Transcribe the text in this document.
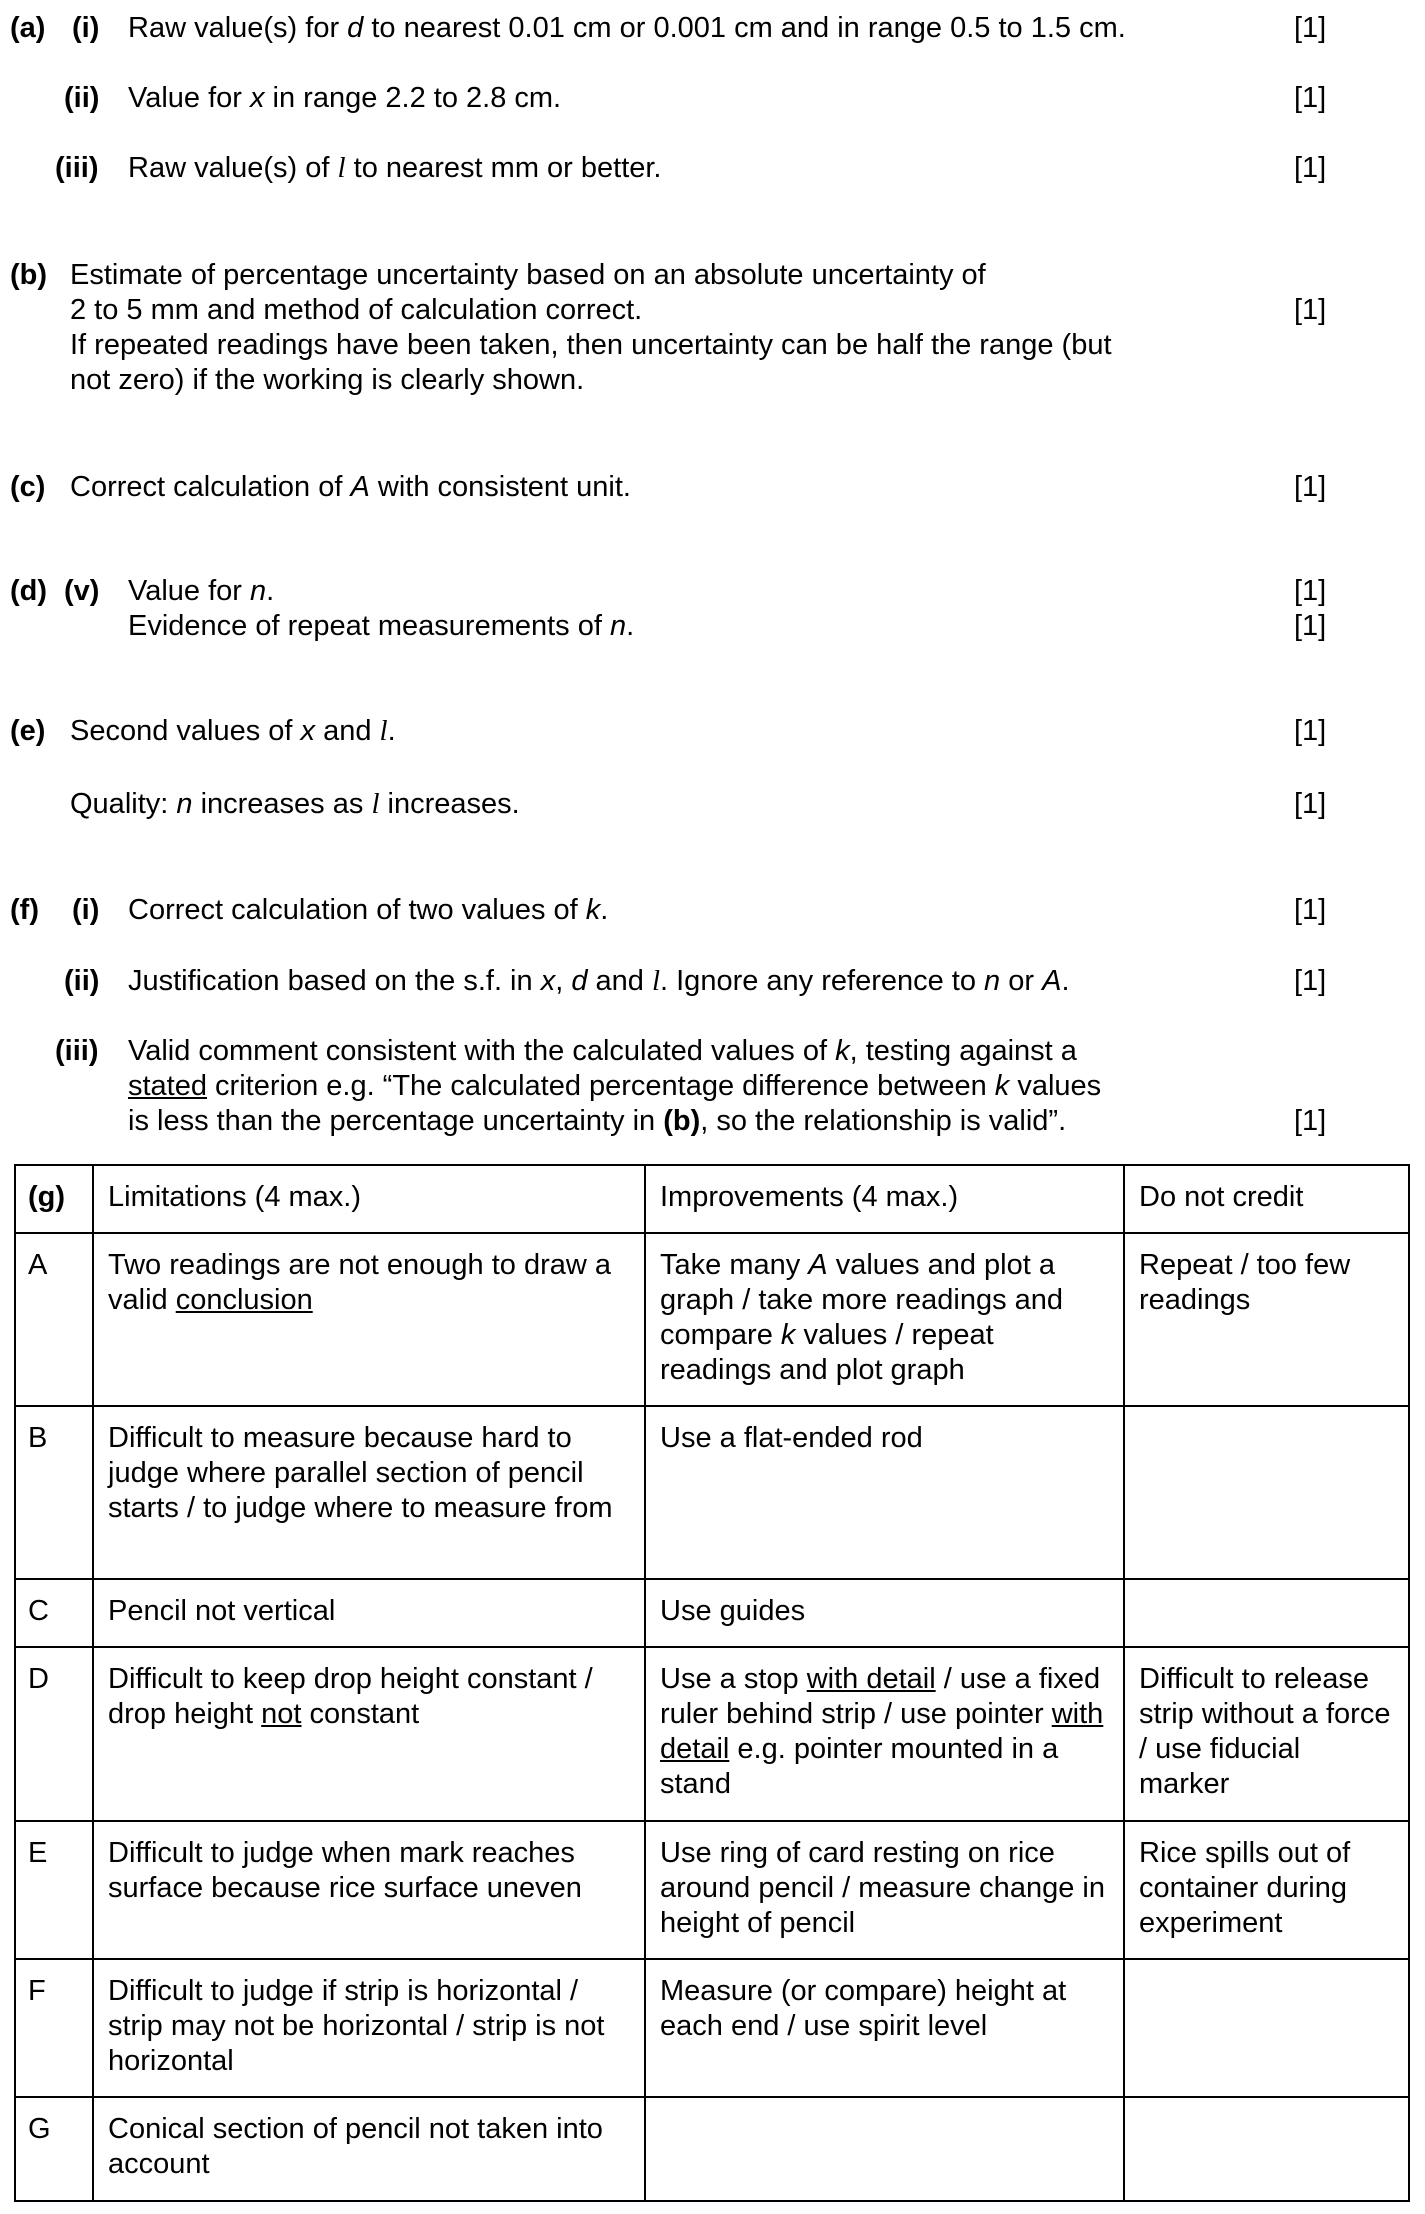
(a) (i) Raw value(s) for d to nearest 0.01 cm or 0.001 cm and in range 0.5 to 1.5 cm.	[1]
(ii) Value for x in range 2.2 to 2.8 cm.	[1]
(iii) Raw value(s) of l to nearest mm or better.	[1]
(b) Estimate of percentage uncertainty based on an absolute uncertainty of
2 to 5 mm and method of calculation correct.	[1]
If repeated readings have been taken, then uncertainty can be half the range (but
not zero) if the working is clearly shown.
(c) Correct calculation of A with consistent unit.	[1]
(d) (v) Value for n.	[1]
Evidence of repeat measurements of n.	[1]
(e) Second values of x and l.	[1]
Quality: n increases as l increases.	[1]
(f) (i) Correct calculation of two values of k.	[1]
(ii) Justification based on the s.f. in x, d and l. Ignore any reference to n or A.	[1]
(iii) Valid comment consistent with the calculated values of k, testing against a
stated criterion e.g. “The calculated percentage difference between k values
is less than the percentage uncertainty in (b), so the relationship is valid”.	[1]
(g)	Limitations (4 max.)	Improvements (4 max.)	Do not credit
A	Two readings are not enough to draw a valid conclusion	Take many A values and plot a graph / take more readings and compare k values / repeat readings and plot graph	Repeat / too few readings
B	Difficult to measure because hard to judge where parallel section of pencil starts / to judge where to measure from	Use a flat-ended rod	
C	Pencil not vertical	Use guides	
D	Difficult to keep drop height constant / drop height not constant	Use a stop with detail / use a fixed ruler behind strip / use pointer with detail e.g. pointer mounted in a stand	Difficult to release strip without a force / use fiducial marker
E	Difficult to judge when mark reaches surface because rice surface uneven	Use ring of card resting on rice around pencil / measure change in height of pencil	Rice spills out of container during experiment
F	Difficult to judge if strip is horizontal / strip may not be horizontal / strip is not horizontal	Measure (or compare) height at each end / use spirit level	
G	Conical section of pencil not taken into account		
